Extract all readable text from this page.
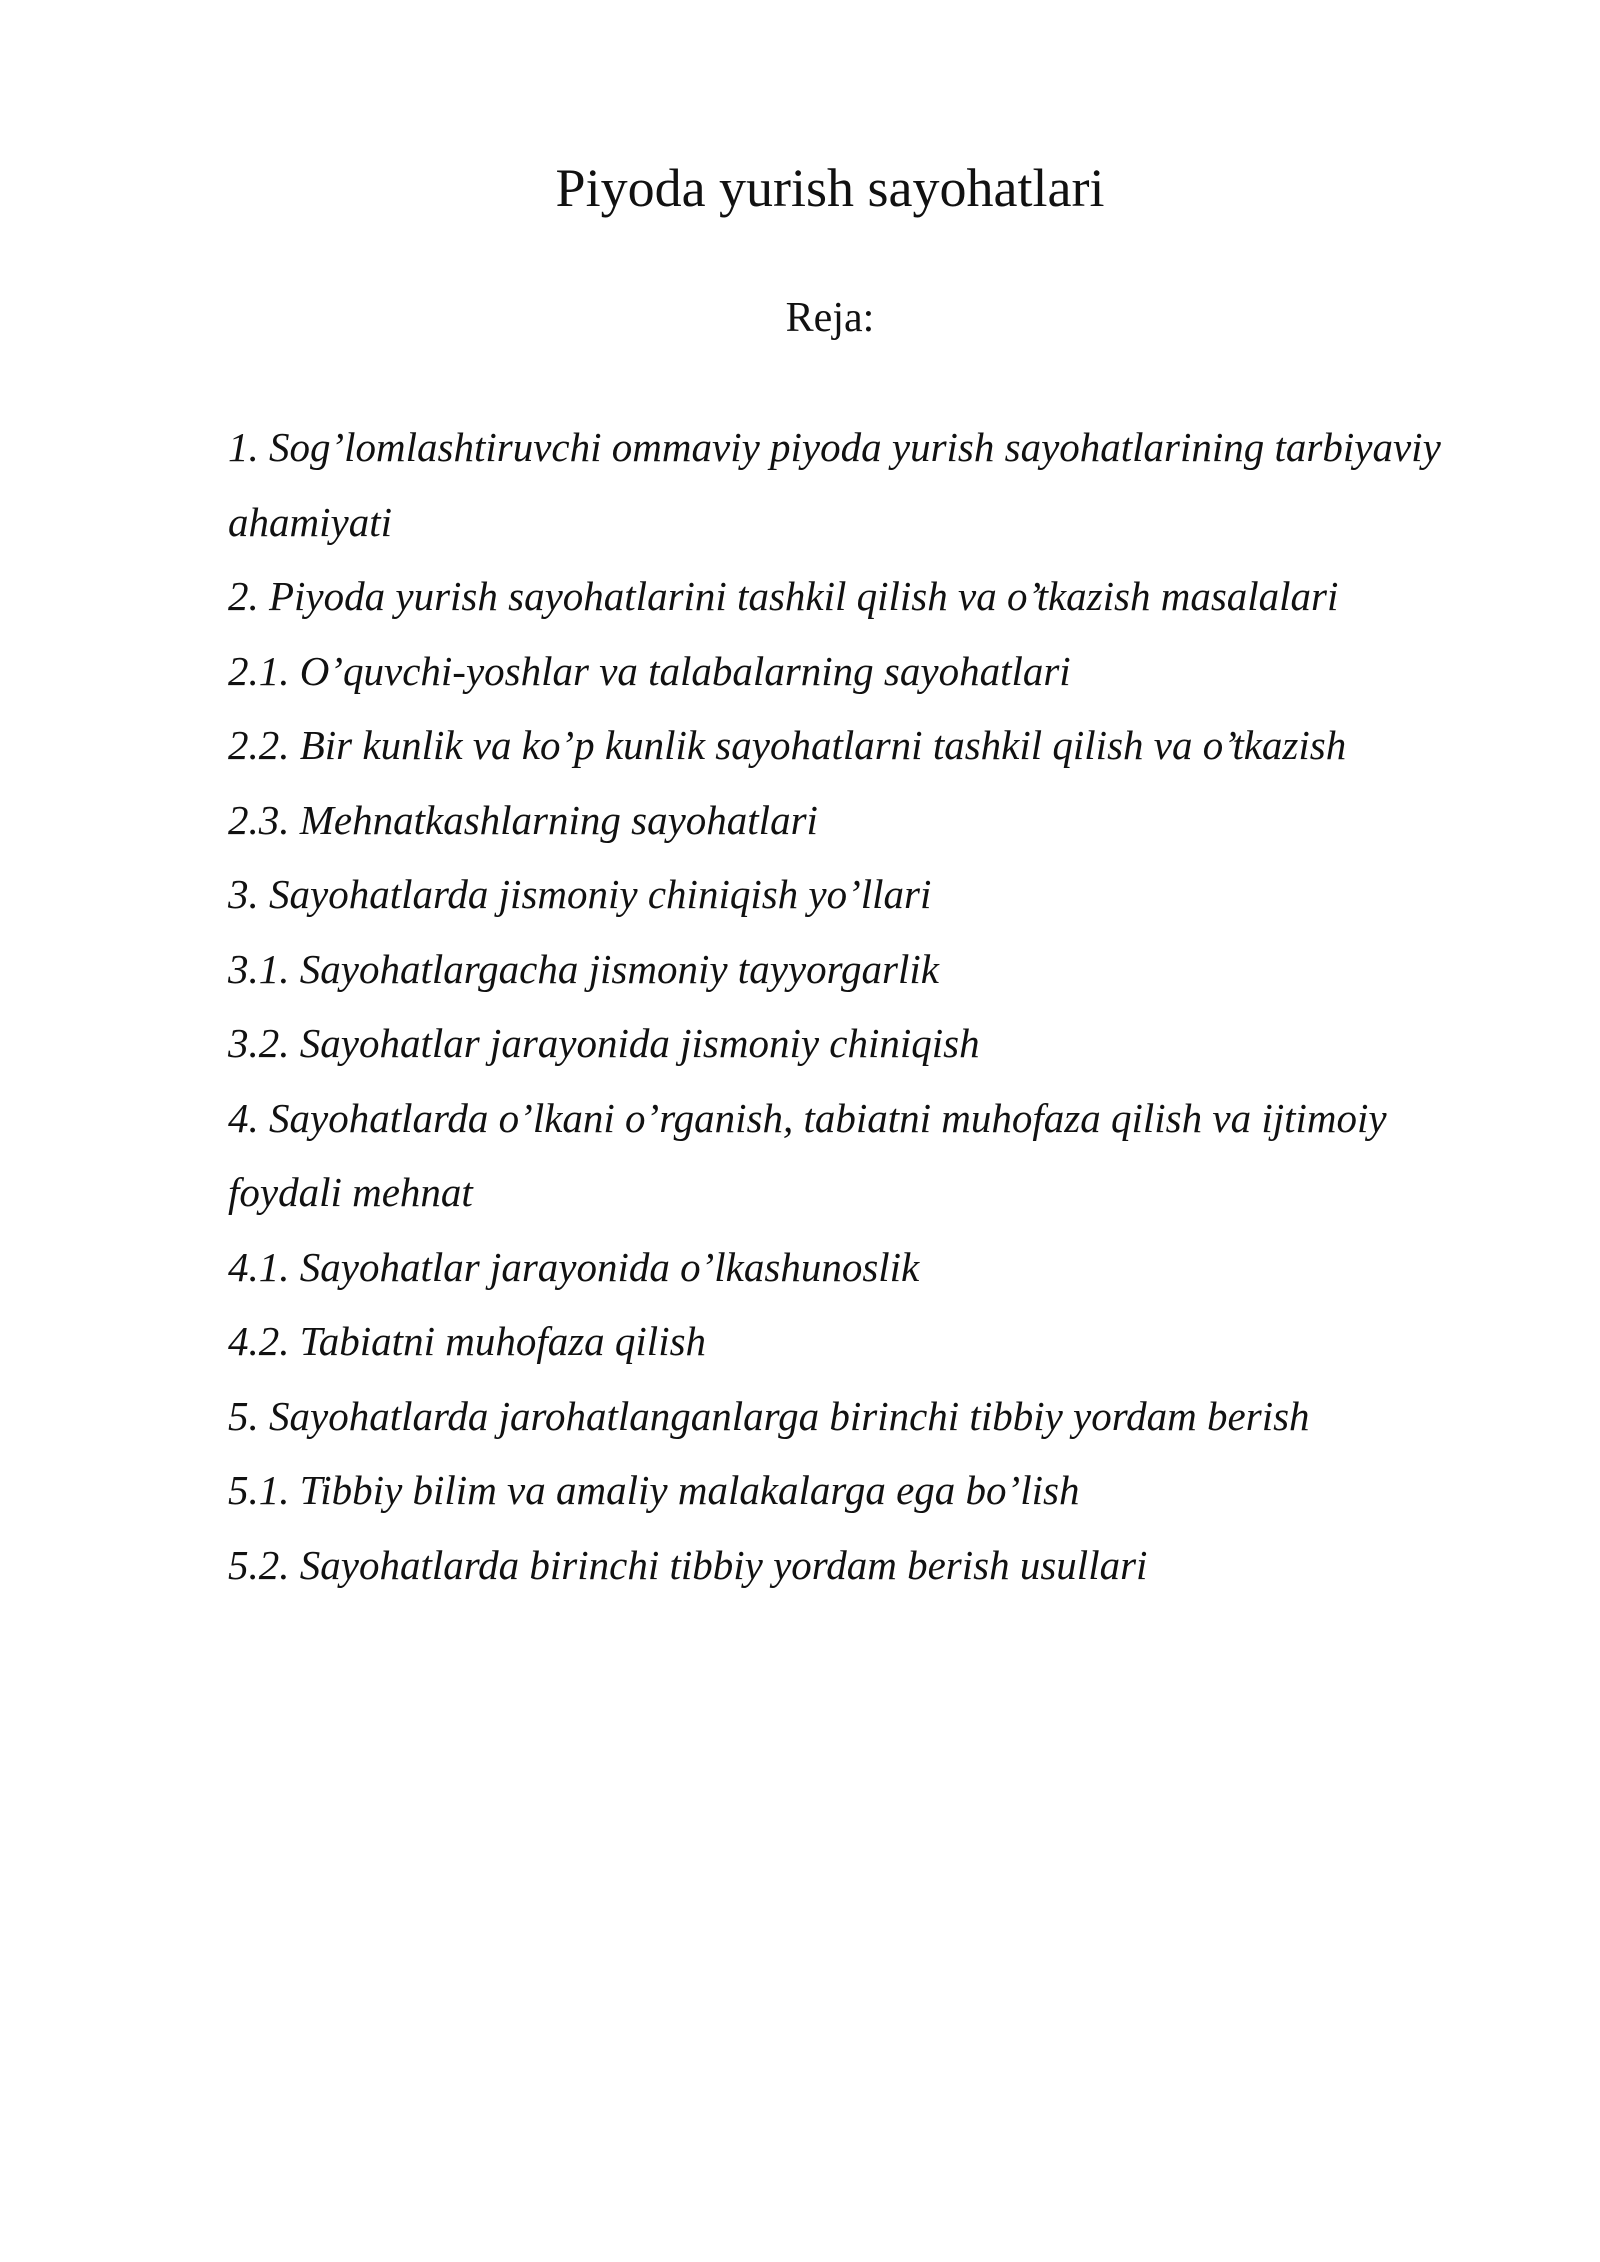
Piyoda yurish sayohatlari

Reja:

1. Sog’lomlashtiruvchi ommaviy piyoda yurish sayohatlarining tarbiyaviy ahamiyati
2. Piyoda yurish sayohatlarini tashkil qilish va o’tkazish masalalari
2.1. O’quvchi-yoshlar va talabalarning sayohatlari
2.2. Bir kunlik va ko’p kunlik sayohatlarni tashkil qilish va o’tkazish
2.3. Mehnatkashlarning sayohatlari
3. Sayohatlarda jismoniy chiniqish yo’llari
3.1. Sayohatlargacha jismoniy tayyorgarlik
3.2. Sayohatlar jarayonida jismoniy chiniqish
4. Sayohatlarda o’lkani o’rganish, tabiatni muhofaza qilish va ijtimoiy foydali mehnat
4.1. Sayohatlar jarayonida o’lkashunoslik
4.2. Tabiatni muhofaza qilish
5. Sayohatlarda jarohatlanganlarga birinchi tibbiy yordam berish
5.1. Tibbiy bilim va amaliy malakalarga ega bo’lish
5.2. Sayohatlarda birinchi tibbiy yordam berish usullari
